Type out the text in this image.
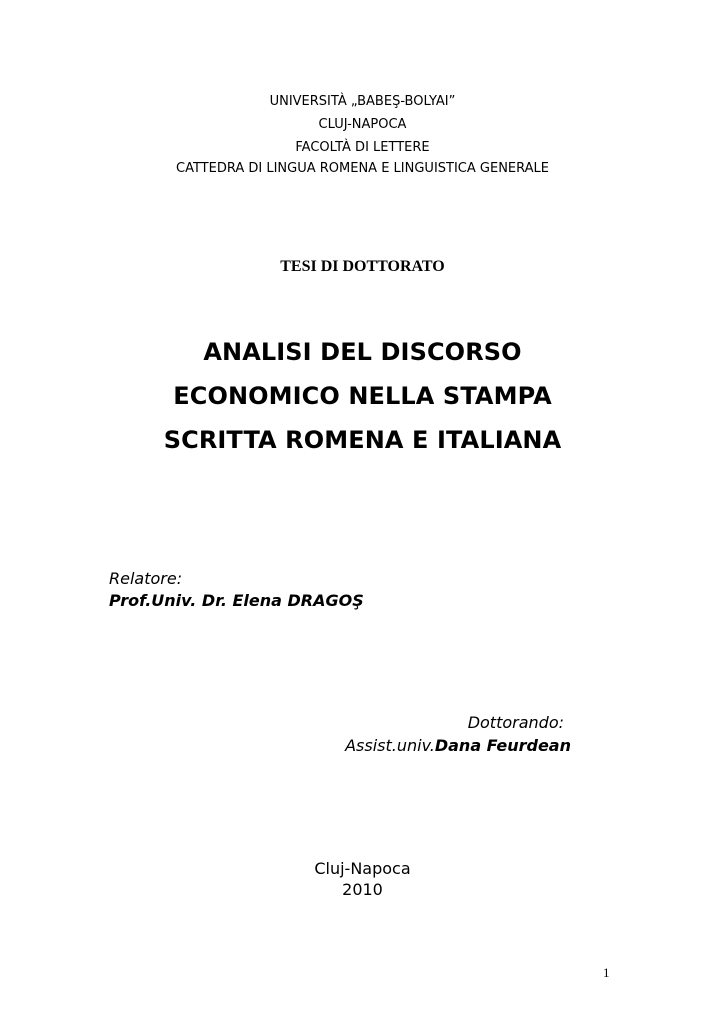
UNIVERSITÀ „BABEŞ-BOLYAI”
CLUJ-NAPOCA
FACOLTÀ DI LETTERE
CATTEDRA DI LINGUA ROMENA E LINGUISTICA GENERALE
TESI DI DOTTORATO
ANALISI DEL DISCORSO
ECONOMICO NELLA STAMPA
SCRITTA ROMENA E ITALIANA
Relatore:
Prof.Univ. Dr. Elena DRAGOŞ
Dottorando:
Assist.univ.Dana Feurdean
Cluj-Napoca
2010
1
